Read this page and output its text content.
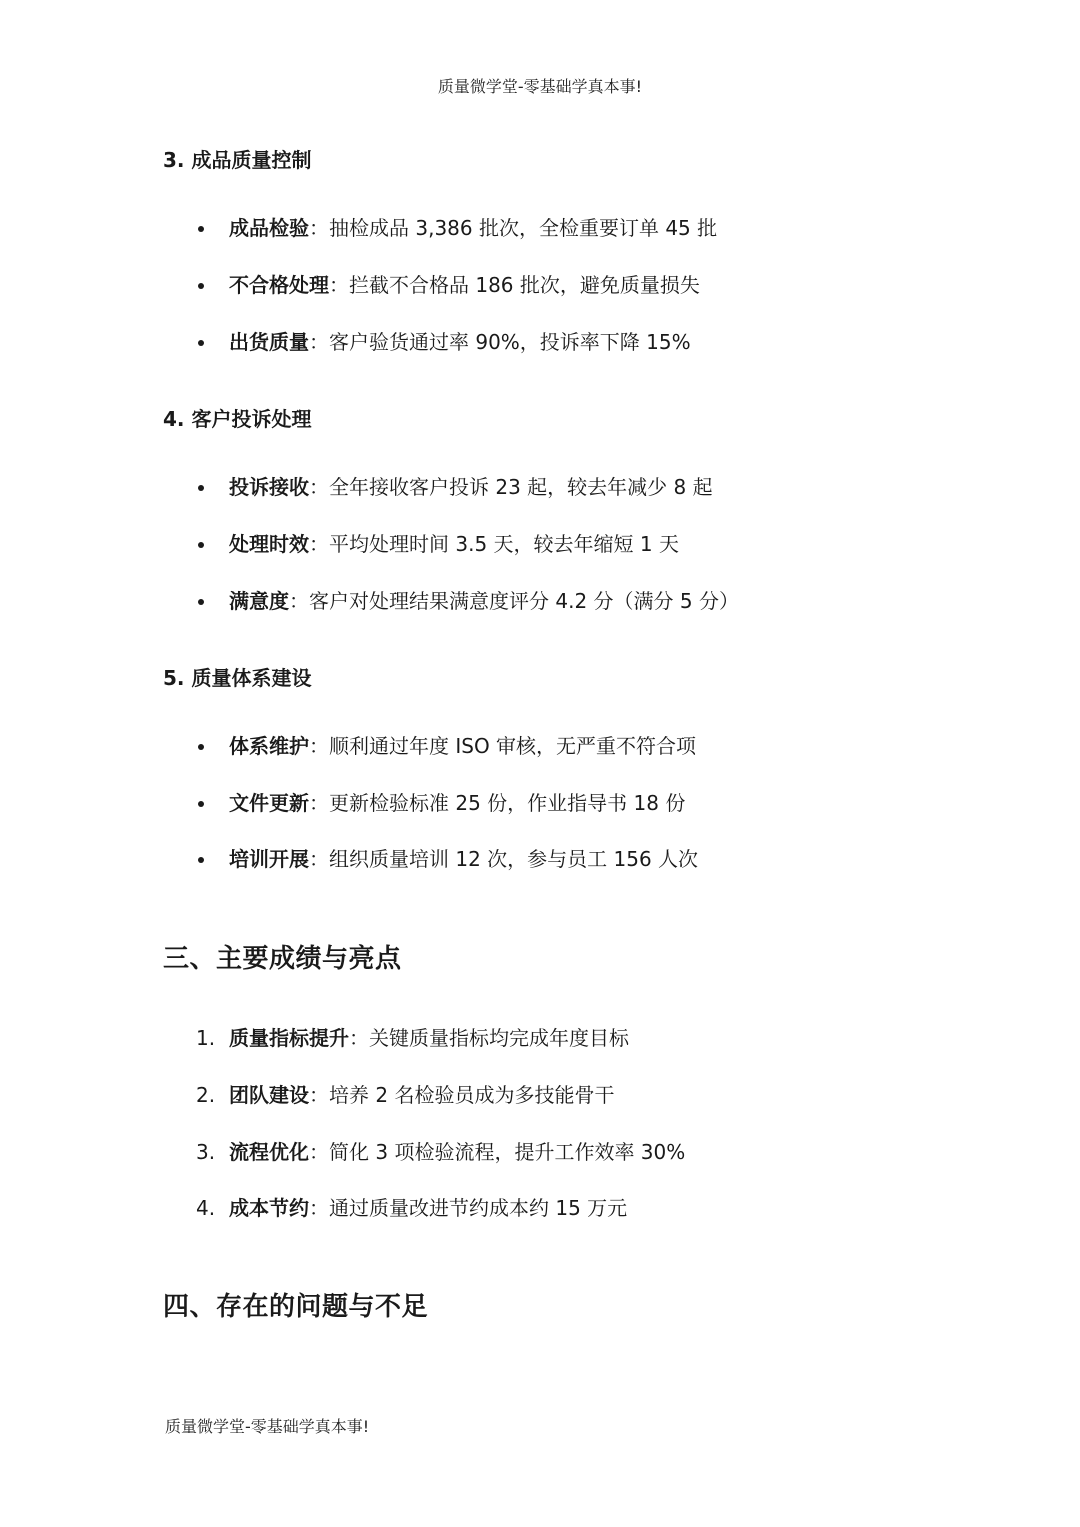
质量微学堂-零基础学真本事!
3. 成品质量控制
成品检验：抽检成品 3,386 批次，全检重要订单 45 批
不合格处理：拦截不合格品 186 批次，避免质量损失
出货质量：客户验货通过率 90%，投诉率下降 15%
4. 客户投诉处理
投诉接收：全年接收客户投诉 23 起，较去年减少 8 起
处理时效：平均处理时间 3.5 天，较去年缩短 1 天
满意度：客户对处理结果满意度评分 4.2 分（满分 5 分）
5. 质量体系建设
体系维护：顺利通过年度 ISO 审核，无严重不符合项
文件更新：更新检验标准 25 份，作业指导书 18 份
培训开展：组织质量培训 12 次，参与员工 156 人次
三、主要成绩与亮点
1. 质量指标提升：关键质量指标均完成年度目标
2. 团队建设：培养 2 名检验员成为多技能骨干
3. 流程优化：简化 3 项检验流程，提升工作效率 30%
4. 成本节约：通过质量改进节约成本约 15 万元
四、存在的问题与不足
质量微学堂-零基础学真本事!
